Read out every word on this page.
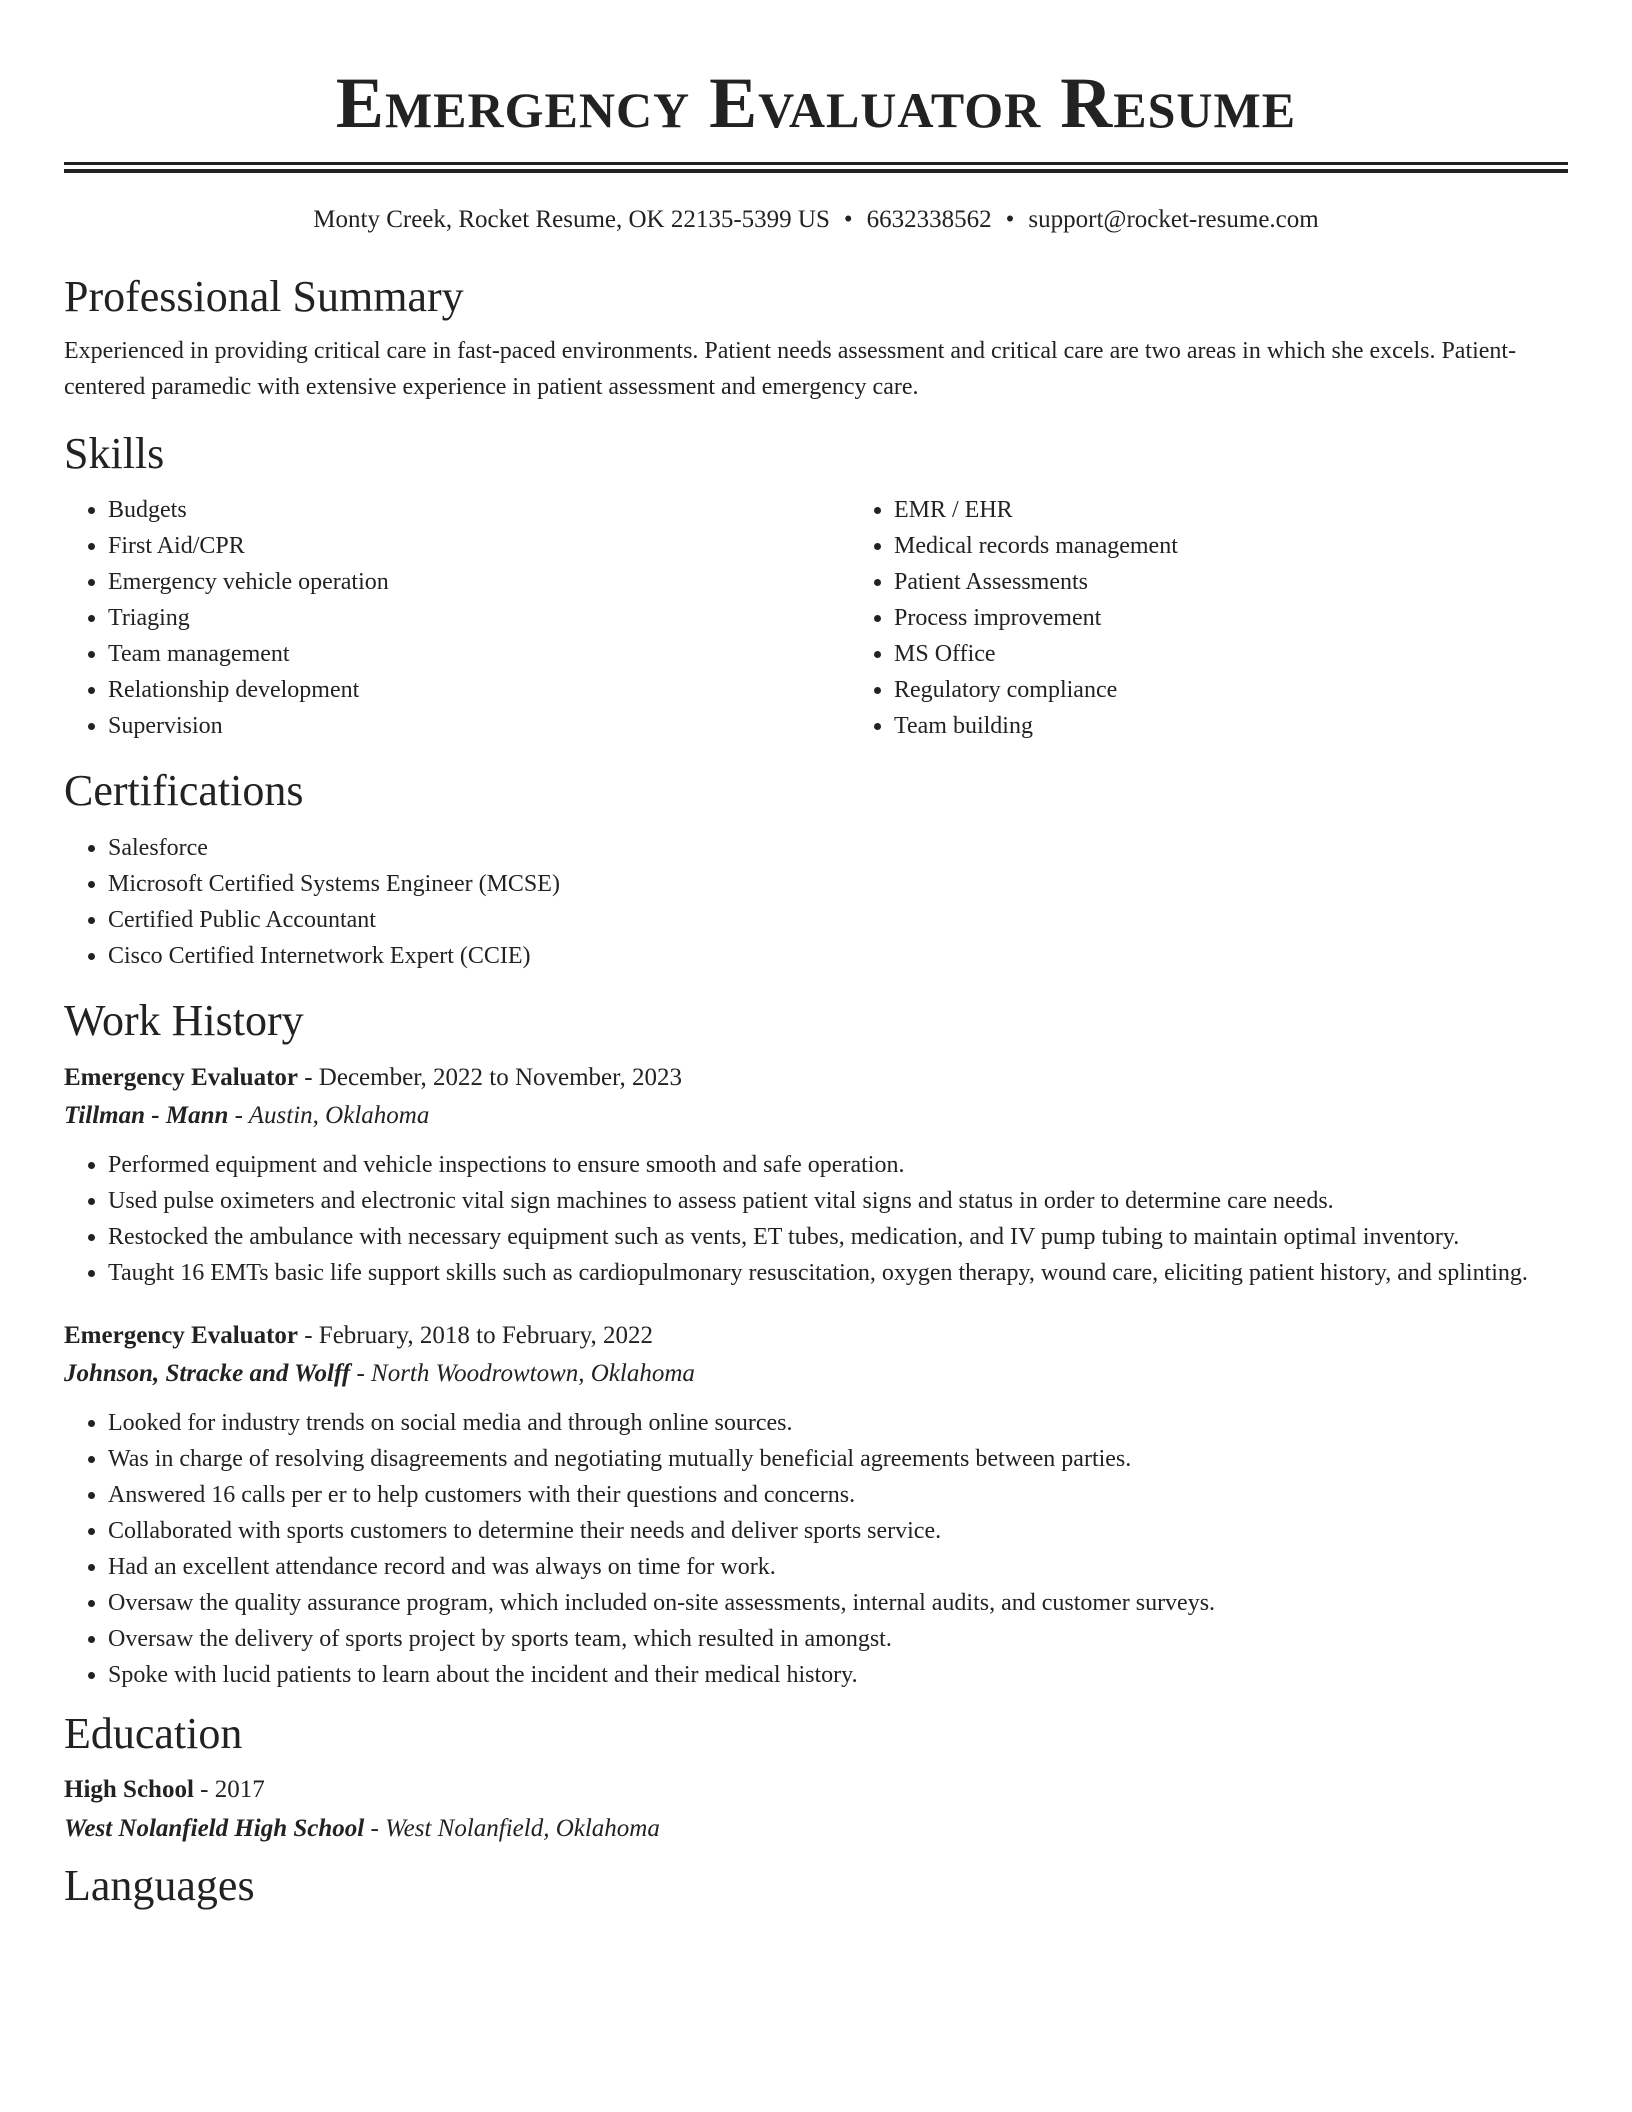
Emergency Evaluator Resume
Monty Creek, Rocket Resume, OK 22135-5399 US • 6632338562 • support@rocket-resume.com
Professional Summary

Experienced in providing critical care in fast-paced environments. Patient needs assessment and critical care are two areas in which she excels. Patient-centered paramedic with extensive experience in patient assessment and emergency care.

Skills
• Budgets
• First Aid/CPR
• Emergency vehicle operation
• Triaging
• Team management
• Relationship development
• Supervision
• EMR / EHR
• Medical records management
• Patient Assessments
• Process improvement
• MS Office
• Regulatory compliance
• Team building
Certifications
• Salesforce
• Microsoft Certified Systems Engineer (MCSE)
• Certified Public Accountant
• Cisco Certified Internetwork Expert (CCIE)
Work History
Emergency Evaluator - December, 2022 to November, 2023
Tillman - Mann - Austin, Oklahoma
• Performed equipment and vehicle inspections to ensure smooth and safe operation.
• Used pulse oximeters and electronic vital sign machines to assess patient vital signs and status in order to determine care needs.
• Restocked the ambulance with necessary equipment such as vents, ET tubes, medication, and IV pump tubing to maintain optimal inventory.
• Taught 16 EMTs basic life support skills such as cardiopulmonary resuscitation, oxygen therapy, wound care, eliciting patient history, and splinting.
Emergency Evaluator - February, 2018 to February, 2022
Johnson, Stracke and Wolff - North Woodrowtown, Oklahoma
• Looked for industry trends on social media and through online sources.
• Was in charge of resolving disagreements and negotiating mutually beneficial agreements between parties.
• Answered 16 calls per er to help customers with their questions and concerns.
• Collaborated with sports customers to determine their needs and deliver sports service.
• Had an excellent attendance record and was always on time for work.
• Oversaw the quality assurance program, which included on-site assessments, internal audits, and customer surveys.
• Oversaw the delivery of sports project by sports team, which resulted in amongst.
• Spoke with lucid patients to learn about the incident and their medical history.
Education
High School - 2017
West Nolanfield High School - West Nolanfield, Oklahoma
Languages
